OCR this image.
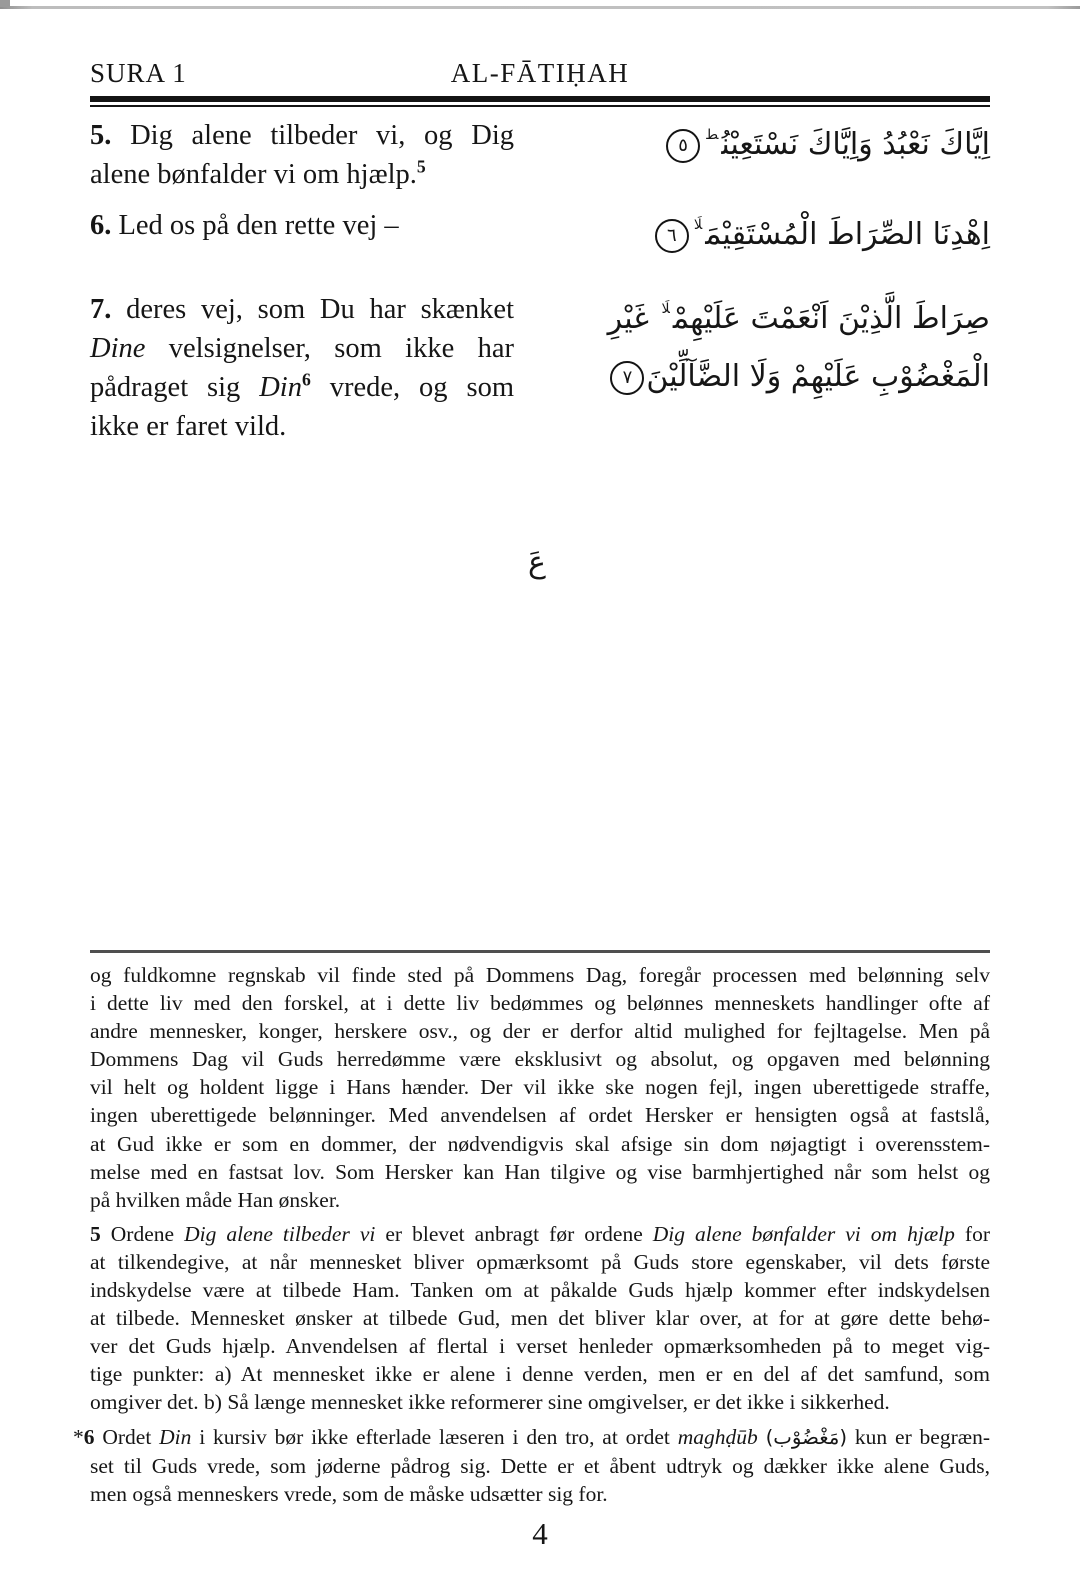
SURA 1	AL-FĀTIḤAH
5. Dig alene tilbeder vi, og Dig
alene bønfalder vi om hjælp.$^5$
اِيَّاكَ نَعْبُدُ وَاِيَّاكَ نَسْتَعِيْنُ$^ط$٥
6. Led os på den rette vej –	اِهْدِنَا الصِّرَاطَ الْمُسْتَقِيْمَ$^{لَا}$٦
7. deres vej, som Du har skænket
Dine velsignelser, som ikke har
pådraget sig Din$^6$ vrede, og som
ikke er faret vild.
صِرَاطَ الَّذِيْنَ اَنْعَمْتَ عَلَيْهِمْ$^{لَا}$ غَيْرِ
الْمَغْضُوْبِ عَلَيْهِمْ وَلَا الضَّآلِّيْنَ٧
عَ
og fuldkomne regnskab vil finde sted på Dommens Dag, foregår processen med belønning selv
i dette liv med den forskel, at i dette liv bedømmes og belønnes menneskets handlinger ofte af
andre mennesker, konger, herskere osv., og der er derfor altid mulighed for fejltagelse. Men på
Dommens Dag vil Guds herredømme være eksklusivt og absolut, og opgaven med belønning
vil helt og holdent ligge i Hans hænder. Der vil ikke ske nogen fejl, ingen uberettigede straffe,
ingen uberettigede belønninger. Med anvendelsen af ordet Hersker er hensigten også at fastslå,
at Gud ikke er som en dommer, der nødvendigvis skal afsige sin dom nøjagtigt i overensstem-
melse med en fastsat lov. Som Hersker kan Han tilgive og vise barmhjertighed når som helst og
på hvilken måde Han ønsker.
5 Ordene Dig alene tilbeder vi er blevet anbragt før ordene Dig alene bønfalder vi om hjælp for
at tilkendegive, at når mennesket bliver opmærksomt på Guds store egenskaber, vil dets første
indskydelse være at tilbede Ham. Tanken om at påkalde Guds hjælp kommer efter indskydelsen
at tilbede. Mennesket ønsker at tilbede Gud, men det bliver klar over, at for at gøre dette behø-
ver det Guds hjælp. Anvendelsen af flertal i verset henleder opmærksomheden på to meget vig-
tige punkter: a) At mennesket ikke er alene i denne verden, men er en del af det samfund, som
omgiver det. b) Så længe mennesket ikke reformerer sine omgivelser, er det ikke i sikkerhed.
*6 Ordet Din i kursiv bør ikke efterlade læseren i den tro, at ordet maghḍūb (مَغْضُوْب) kun er begræn-
set til Guds vrede, som jøderne pådrog sig. Dette er et åbent udtryk og dækker ikke alene Guds,
men også menneskers vrede, som de måske udsætter sig for.
4
